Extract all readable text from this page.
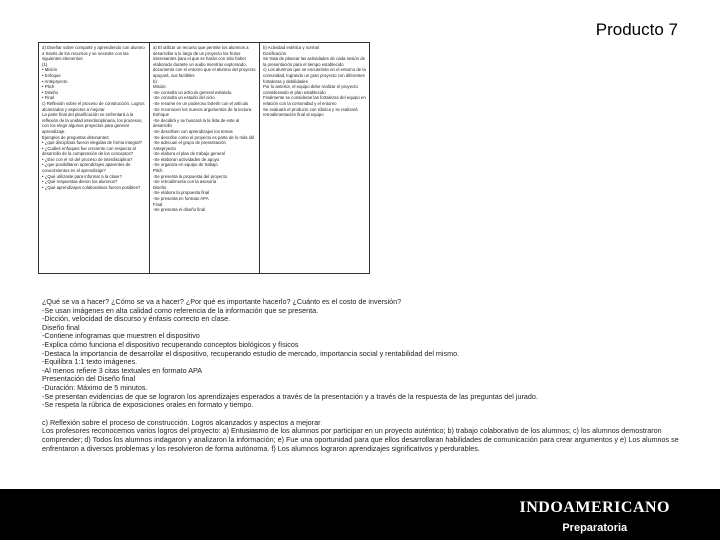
Producto 7
d) Diseñar sobre compartir y aprendiendo con alumno a través de los recursos y se necesite con las siguientes elementos:
(1)
• Misión
• Enfoque
• Antepryecto
• Pitch
• Diseño
• Final
c) Reflexión sobre el proceso de construcción. Logros alcanzados y aspectos a mejorar
La parte final del planificación se enfrentará a la reflexión de la unidad interdisciplinaria, los procesos, con los elegir algunos proyectos para generar aprendizaje.
Ejemplos de preguntas detonantes:
• ¿qué disciplinas fueron elegidas de forma integral?
• ¿Cuáles enfoques fue creciente con respecto al desarrollo de la comprensión de los conceptos?
• ¿Ese con el rol del proceso de interdisciplina?
• ¿que posibilitaron aprendizajes aparentes de conocimientos en el aprendizaje?
• ¿Qué utilizaste para informar a la clase?
• ¿Qué respuestas dieron los alumnos?
• ¿Qué aprendizajes colaborativos fueron posibles?
a) El utilizar un recurso que permite los alumnos a desarrollar a lo largo de un proyecto los frutos interesantes para el que se harán con sitio haber elaborado durante un audio mientras explorando, documento con el entorno que el alumno del proyecto apoyará, sus factibles
b)
Misión:
-Se consulta un artículo general evitando.
-Se consulta un estudio del ciclo
-Se resume en un poderoso boletín con el artículo
-Se reconocen los nuevos argumentos de la lectura
Enfoque
-Se decidirá y se buscará la la lista de este al desarrollo
-Se describen con aprendizajes los temas
-Se describe como el proyecto es parte de lo más útil
-Se adecuan el grupo de presentación
Antepryecto
-Se elabora el plan de trabajo general
-Se elaboran actividades de apoyo
-Se organiza en equipo de trabajo
Pitch
-Se presenta la propuesta del proyecto
-Se retroalimenta con la asesoría
Diseño
-Se elabora la propuesta final
-Se presenta en formato APA
Final
-Se presenta el diseño final
b) Actividad estética y normal
Dosificación
Se trata de planear las actividades de cada sesión de la presentación para el tiempo establecido
c) Los alumnos que se encuentran en el entorno de la comunidad, logrando un gran proyecto con diferentes fortalezas y debilidades
Por lo anterior, el equipo debe realizar el proyecto considerando el plan establecido
Finalmente se consideran las fortalezas del equipo en relación con la comunidad y el entorno
Se evaluará el producto con rúbrica y se realizará retroalimentación final al equipo
¿Qué se va a hacer? ¿Cómo se va a hacer? ¿Por qué es importante hacerlo? ¿Cuánto es el costo de inversión?
-Se usan imágenes en alta calidad como referencia de la información que se presenta.
-Dicción, velocidad de discurso y énfasis correcto en clase.
Diseño final
-Contiene infogramas que muestren el dispositivo
-Explica cómo funciona el dispositivo recuperando conceptos biológicos y físicos
-Destaca la importancia de desarrollar el dispositivo, recuperando estudio de mercado, importancia social y rentabilidad del mismo.
-Equilibra 1:1 texto imágenes.
-Al menos refiere 3 citas textuales en formato APA
Presentación del Diseño final
-Duración: Máximo de 5 minutos.
-Se presentan evidencias de que se lograron los aprendizajes esperados a través de la presentación y a través de la respuesta de las preguntas del jurado.
-Se respeta la rúbrica de exposiciones orales en formato y tiempo.
c) Reflexión sobre el proceso de construcción. Logros alcanzados y aspectos a mejorar
Los profesores reconocemos varios logros del proyecto: a) Entusiasmo de los alumnos por participar en un proyecto auténtico; b) trabajo colaborativo de los alumnos; c) los alumnos demostraron comprender; d) Todos los alumnos indagaron y analizaron la información; e) Fue una oportunidad para que ellos desarrollaran habilidades de comunicación para crear argumentos y e) Los alumnos se enfrentaron a diversos problemas y los resolvieron de forma autónoma. f) Los alumnos lograron aprendizajes significativos y perdurables.
INDOAMERICANO
Preparatoria
